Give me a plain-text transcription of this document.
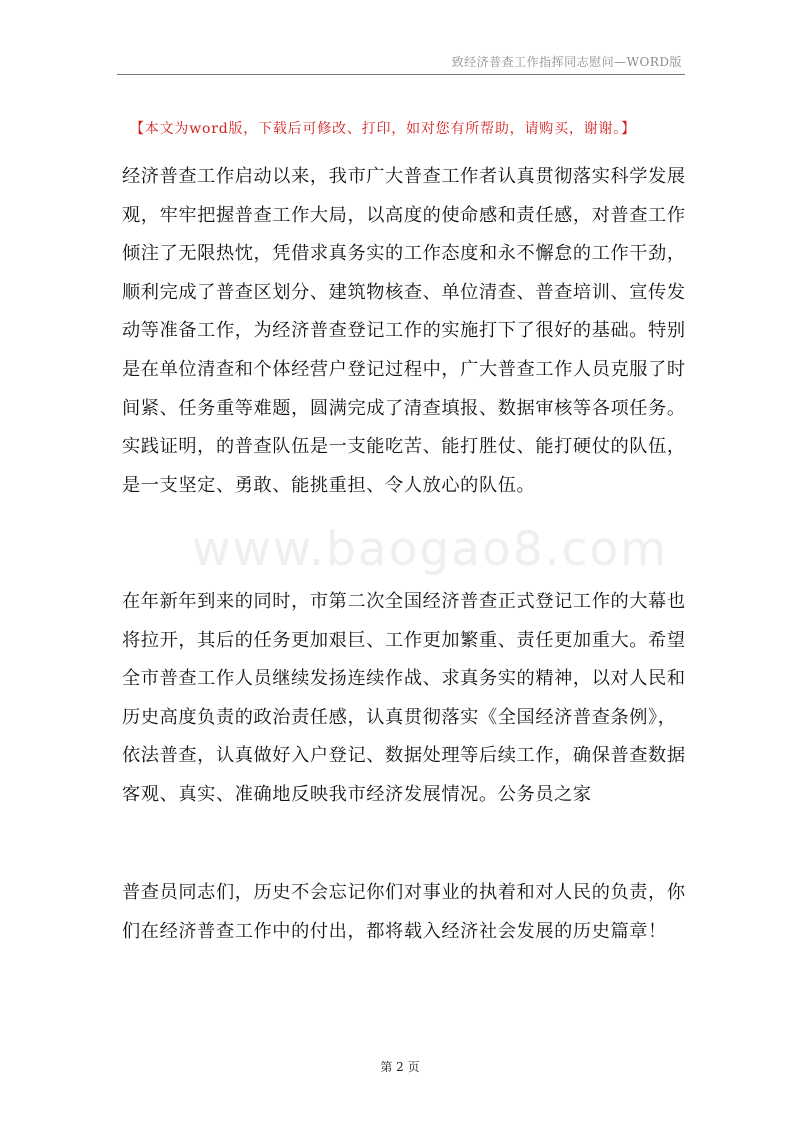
致经济普查工作指挥同志慰问—WORD版
【本文为word版，下载后可修改、打印，如对您有所帮助，请购买，谢谢。】

经济普查工作启动以来，我市广大普查工作者认真贯彻落实科学发展观，牢牢把握普查工作大局，以高度的使命感和责任感，对普查工作倾注了无限热忱，凭借求真务实的工作态度和永不懈怠的工作干劲，顺利完成了普查区划分、建筑物核查、单位清查、普查培训、宣传发动等准备工作，为经济普查登记工作的实施打下了很好的基础。特别是在单位清查和个体经营户登记过程中，广大普查工作人员克服了时间紧、任务重等难题，圆满完成了清查填报、数据审核等各项任务。实践证明，的普查队伍是一支能吃苦、能打胜仗、能打硬仗的队伍，是一支坚定、勇敢、能挑重担、令人放心的队伍。

www.baogao8.com

在年新年到来的同时，市第二次全国经济普查正式登记工作的大幕也将拉开，其后的任务更加艰巨、工作更加繁重、责任更加重大。希望全市普查工作人员继续发扬连续作战、求真务实的精神，以对人民和历史高度负责的政治责任感，认真贯彻落实《全国经济普查条例》，依法普查，认真做好入户登记、数据处理等后续工作，确保普查数据客观、真实、准确地反映我市经济发展情况。公务员之家

普查员同志们，历史不会忘记你们对事业的执着和对人民的负责，你们在经济普查工作中的付出，都将载入经济社会发展的历史篇章！

第 2 页
